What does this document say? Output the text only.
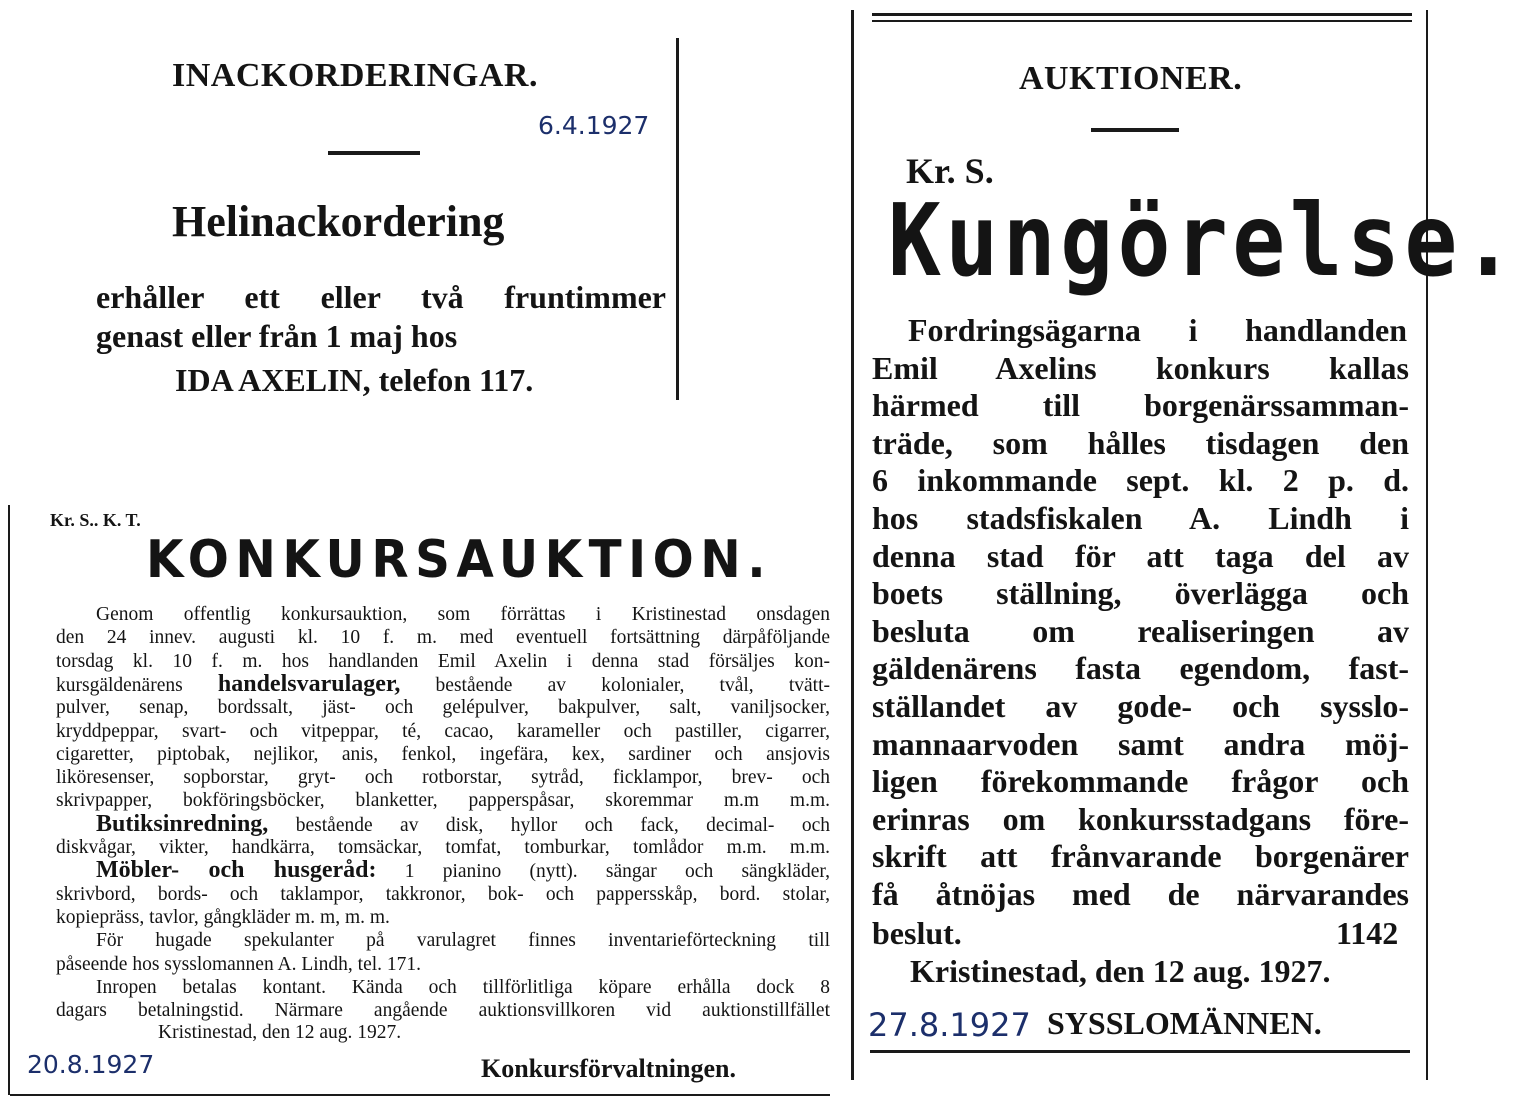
INACKORDERINGAR.
6.4.1927
Helinackordering
erhåller ett eller två fruntimmer
genast eller från 1 maj hos
IDA AXELIN, telefon 117.
Kr. S.. K. T.
KONKURSAUKTION.
Genom offentlig konkursauktion, som förrättas i Kristinestad onsdagen
den 24 innev. augusti kl. 10 f. m. med eventuell fortsättning därpåföljande
torsdag kl. 10 f. m. hos handlanden Emil Axelin i denna stad försäljes kon-
kursgäldenärens handelsvarulager, bestående av kolonialer, tvål, tvätt-
pulver, senap, bordssalt, jäst- och gelépulver, bakpulver, salt, vaniljsocker,
kryddpeppar, svart- och vitpeppar, té, cacao, karameller och pastiller, cigarrer,
cigaretter, piptobak, nejlikor, anis, fenkol, ingefära, kex, sardiner och ansjovis
liköresenser, sopborstar, gryt- och rotborstar, sytråd, ficklampor, brev- och
skrivpapper, bokföringsböcker, blanketter, papperspåsar, skoremmar m.m m.m.
Butiksinredning, bestående av disk, hyllor och fack, decimal- och
diskvågar, vikter, handkärra, tomsäckar, tomfat, tomburkar, tomlådor m.m. m.m.
Möbler- och husgeråd: 1 pianino (nytt). sängar och sängkläder,
skrivbord, bords- och taklampor, takkronor, bok- och pappersskåp, bord. stolar,
kopiepräss, tavlor, gångkläder m. m, m. m.
För hugade spekulanter på varulagret finnes inventarieförteckning till
påseende hos sysslomannen A. Lindh, tel. 171.
Inropen betalas kontant. Kända och tillförlitliga köpare erhålla dock 8
dagars betalningstid. Närmare angående auktionsvillkoren vid auktionstillfället
Kristinestad, den 12 aug. 1927.
20.8.1927	Konkursförvaltningen.
AUKTIONER.
Kr. S.
Kungörelse.
Fordringsägarna i handlanden
Emil Axelins konkurs kallas
härmed till borgenärssamman-
träde, som hålles tisdagen den
6 inkommande sept. kl. 2 p. d.
hos stadsfiskalen A. Lindh i
denna stad för att taga del av
boets ställning, överlägga och
besluta om realiseringen av
gäldenärens fasta egendom, fast-
ställandet av gode- och sysslo-
mannaarvoden samt andra möj-
ligen förekommande frågor och
erinras om konkursstadgans före-
skrift att frånvarande borgenärer
få åtnöjas med de närvarandes
beslut.	1142
Kristinestad, den 12 aug. 1927.
27.8.1927 SYSSLOMÄNNEN.
